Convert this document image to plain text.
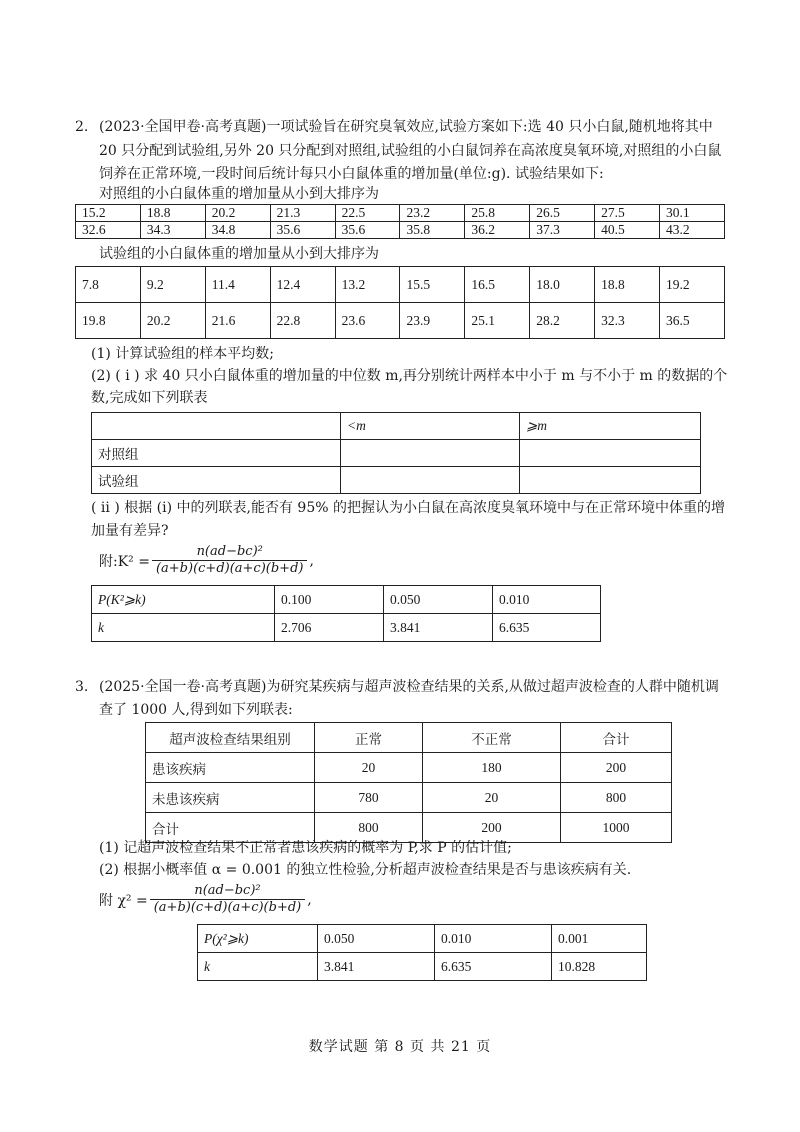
2. (2023·全国甲卷·高考真题)一项试验旨在研究臭氧效应,试验方案如下:选 40 只小白鼠,随机地将其中
20 只分配到试验组,另外 20 只分配到对照组,试验组的小白鼠饲养在高浓度臭氧环境,对照组的小白鼠
饲养在正常环境,一段时间后统计每只小白鼠体重的增加量(单位:g). 试验结果如下:
对照组的小白鼠体重的增加量从小到大排序为
15.2	18.8	20.2	21.3	22.5	23.2	25.8	26.5	27.5	30.1
32.6	34.3	34.8	35.6	35.6	35.8	36.2	37.3	40.5	43.2
试验组的小白鼠体重的增加量从小到大排序为
7.8	9.2	11.4	12.4	13.2	15.5	16.5	18.0	18.8	19.2
19.8	20.2	21.6	22.8	23.6	23.9	25.1	28.2	32.3	36.5
(1) 计算试验组的样本平均数;
(2) ( i ) 求 40 只小白鼠体重的增加量的中位数 m,再分别统计两样本中小于 m 与不小于 m 的数据的个
数,完成如下列联表
	<m	⩾m
对照组		
试验组		
( ii ) 根据 (i) 中的列联表,能否有 95% 的把握认为小白鼠在高浓度臭氧环境中与在正常环境中体重的增
加量有差异?
附:K² = $\frac{\text{n(ad−bc)²}}{(a+b)(c+d)(a+c)(b+d)}$ ,
P(K²⩾k)	0.100	0.050	0.010
k	2.706	3.841	6.635
3. (2025·全国一卷·高考真题)为研究某疾病与超声波检查结果的关系,从做过超声波检查的人群中随机调
查了 1000 人,得到如下列联表:
超声波检查结果组别	正常	不正常	合计
患该疾病	20	180	200
未患该疾病	780	20	800
合计	800	200	1000
(1) 记超声波检查结果不正常者患该疾病的概率为 P,求 P 的估计值;
(2) 根据小概率值 α = 0.001 的独立性检验,分析超声波检查结果是否与患该疾病有关.
附 $\chi^2 = \frac{\text{n(ad−bc)²}}{(a+b)(c+d)(a+c)(b+d)}$ ,
P(χ²⩾k)	0.050	0.010	0.001
k	3.841	6.635	10.828
数学试题 第 8 页 共 21 页
